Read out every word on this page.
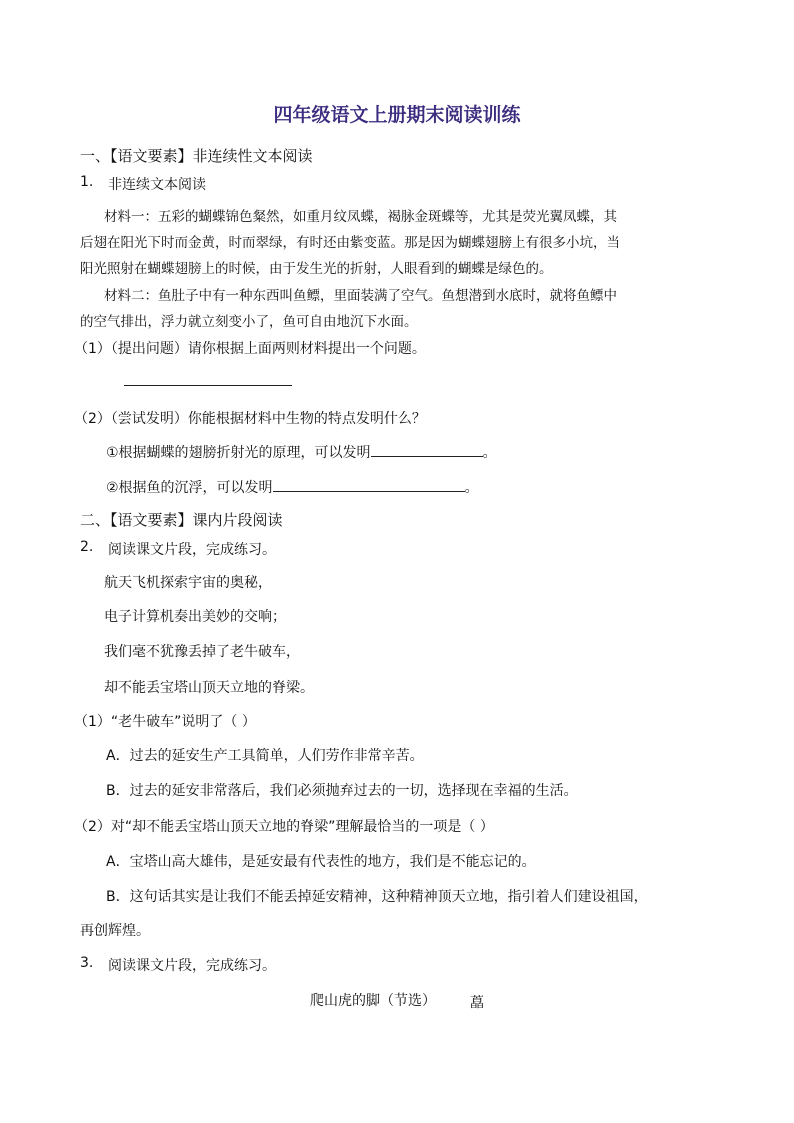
四年级语文上册期末阅读训练
一、【语文要素】非连续性文本阅读
1. 非连续文本阅读
材料一：五彩的蝴蝶锦色粲然，如重月纹凤蝶，褐脉金斑蝶等，尤其是荧光翼凤蝶，其
后翅在阳光下时而金黄，时而翠绿，有时还由紫变蓝。那是因为蝴蝶翅膀上有很多小坑，当
阳光照射在蝴蝶翅膀上的时候，由于发生光的折射，人眼看到的蝴蝶是绿色的。
材料二：鱼肚子中有一种东西叫鱼鳔，里面装满了空气。鱼想潜到水底时，就将鱼鳔中
的空气排出，浮力就立刻变小了，鱼可自由地沉下水面。
（1）（提出问题）请你根据上面两则材料提出一个问题。
（2）（尝试发明）你能根据材料中生物的特点发明什么？
①根据蝴蝶的翅膀折射光的原理，可以发明	。
②根据鱼的沉浮，可以发明	。
二、【语文要素】课内片段阅读
2. 阅读课文片段，完成练习。
航天飞机探索宇宙的奥秘，
电子计算机奏出美妙的交响；
我们毫不犹豫丢掉了老牛破车，
却不能丢宝塔山顶天立地的脊梁。
（1）“老牛破车”说明了（ ）
A．过去的延安生产工具简单，人们劳作非常辛苦。
B．过去的延安非常落后，我们必须抛弃过去的一切，选择现在幸福的生活。
（2）对“却不能丢宝塔山顶天立地的脊梁”理解最恰当的一项是（ ）
A．宝塔山高大雄伟，是延安最有代表性的地方，我们是不能忘记的。
B．这句话其实是让我们不能丢掉延安精神，这种精神顶天立地，指引着人们建设祖国，
再创辉煌。
3. 阅读课文片段，完成练习。
爬山虎的脚（节选） 藠
